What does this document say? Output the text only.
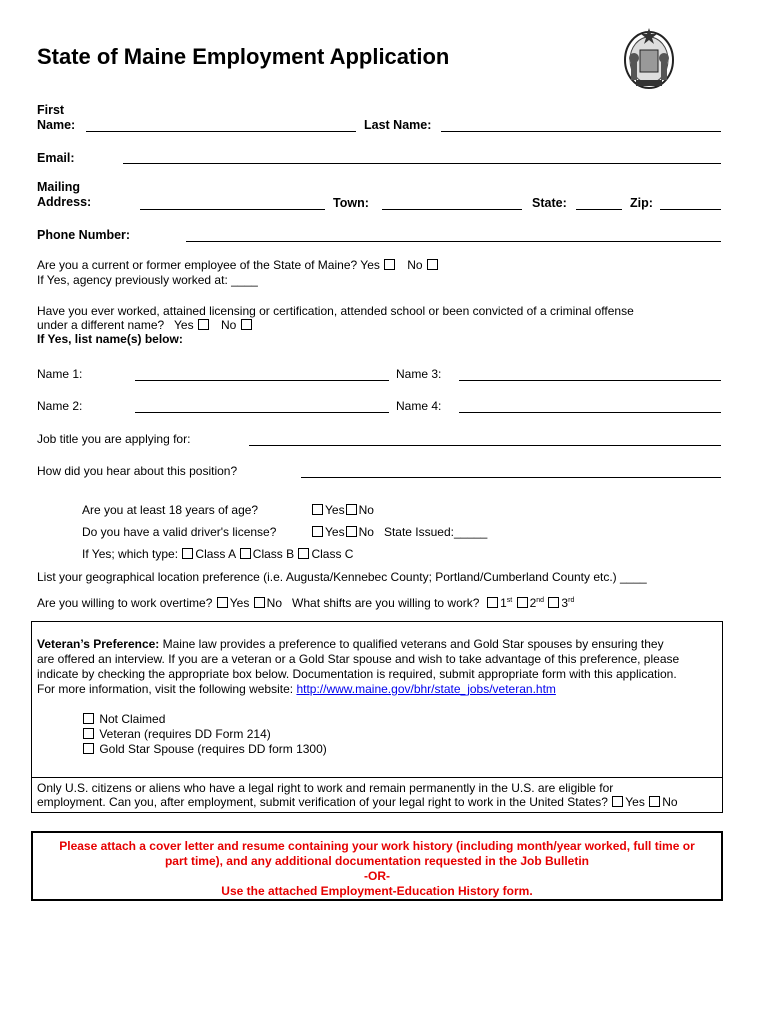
State of Maine Employment Application
First
Name:	Last Name:
Email:
Mailing
Address:	Town:	State:	Zip:
Phone Number:
Are you a current or former employee of the State of Maine? Yes No
If Yes, agency previously worked at: ____
Have you ever worked, attained licensing or certification, attended school or been convicted of a criminal offense
under a different name? Yes No
If Yes, list name(s) below:
Name 1:	Name 3:
Name 2:	Name 4:
Job title you are applying for:
How did you hear about this position?
Are you at least 18 years of age?	Yes No
Do you have a valid driver's license?	Yes No State Issued:_____
If Yes; which type: Class A Class B Class C
List your geographical location preference (i.e. Augusta/Kennebec County; Portland/Cumberland County etc.) ____
Are you willing to work overtime? Yes No What shifts are you willing to work? 1st 2nd 3rd
Veteran’s Preference: Maine law provides a preference to qualified veterans and Gold Star spouses by ensuring they
are offered an interview. If you are a veteran or a Gold Star spouse and wish to take advantage of this preference, please
indicate by checking the appropriate box below. Documentation is required, submit appropriate form with this application.
For more information, visit the following website: http://www.maine.gov/bhr/state_jobs/veteran.htm
Not Claimed
Veteran (requires DD Form 214)
Gold Star Spouse (requires DD form 1300)
Only U.S. citizens or aliens who have a legal right to work and remain permanently in the U.S. are eligible for
employment. Can you, after employment, submit verification of your legal right to work in the United States? Yes No
Please attach a cover letter and resume containing your work history (including month/year worked, full time or
part time), and any additional documentation requested in the Job Bulletin
-OR-
Use the attached Employment-Education History form.
